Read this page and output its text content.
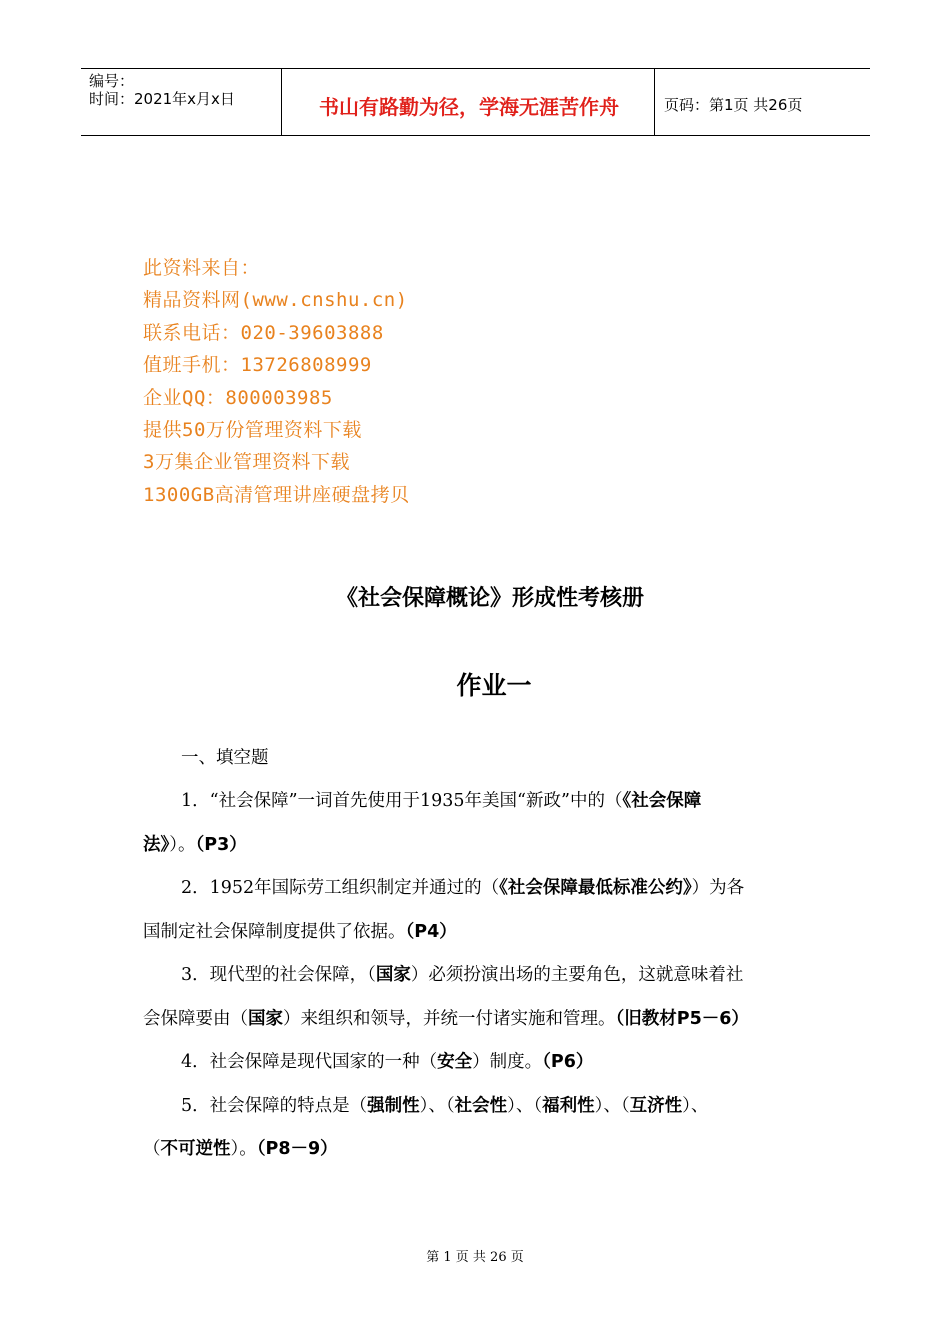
编号：
时间：2021年x月x日	书山有路勤为径，学海无涯苦作舟	页码：第1页 共26页
此资料来自：
精品资料网(www.cnshu.cn)
联系电话：020-39603888
值班手机：13726808999
企业QQ：800003985
提供50万份管理资料下载
3万集企业管理资料下载
1300GB高清管理讲座硬盘拷贝
《社会保障概论》形成性考核册
作业一
一、填空题
1．“社会保障”一词首先使用于1935年美国“新政”中的（《社会保障
法》）。（P3）
2．1952年国际劳工组织制定并通过的（《社会保障最低标准公约》）为各
国制定社会保障制度提供了依据。（P4）
3．现代型的社会保障，（国家）必须扮演出场的主要角色，这就意味着社
会保障要由（国家）来组织和领导，并统一付诸实施和管理。（旧教材P5－6）
4．社会保障是现代国家的一种（安全）制度。（P6）
5．社会保障的特点是（强制性）、（社会性）、（福利性）、（互济性）、
（不可逆性）。（P8－9）
第 1 页 共 26 页
